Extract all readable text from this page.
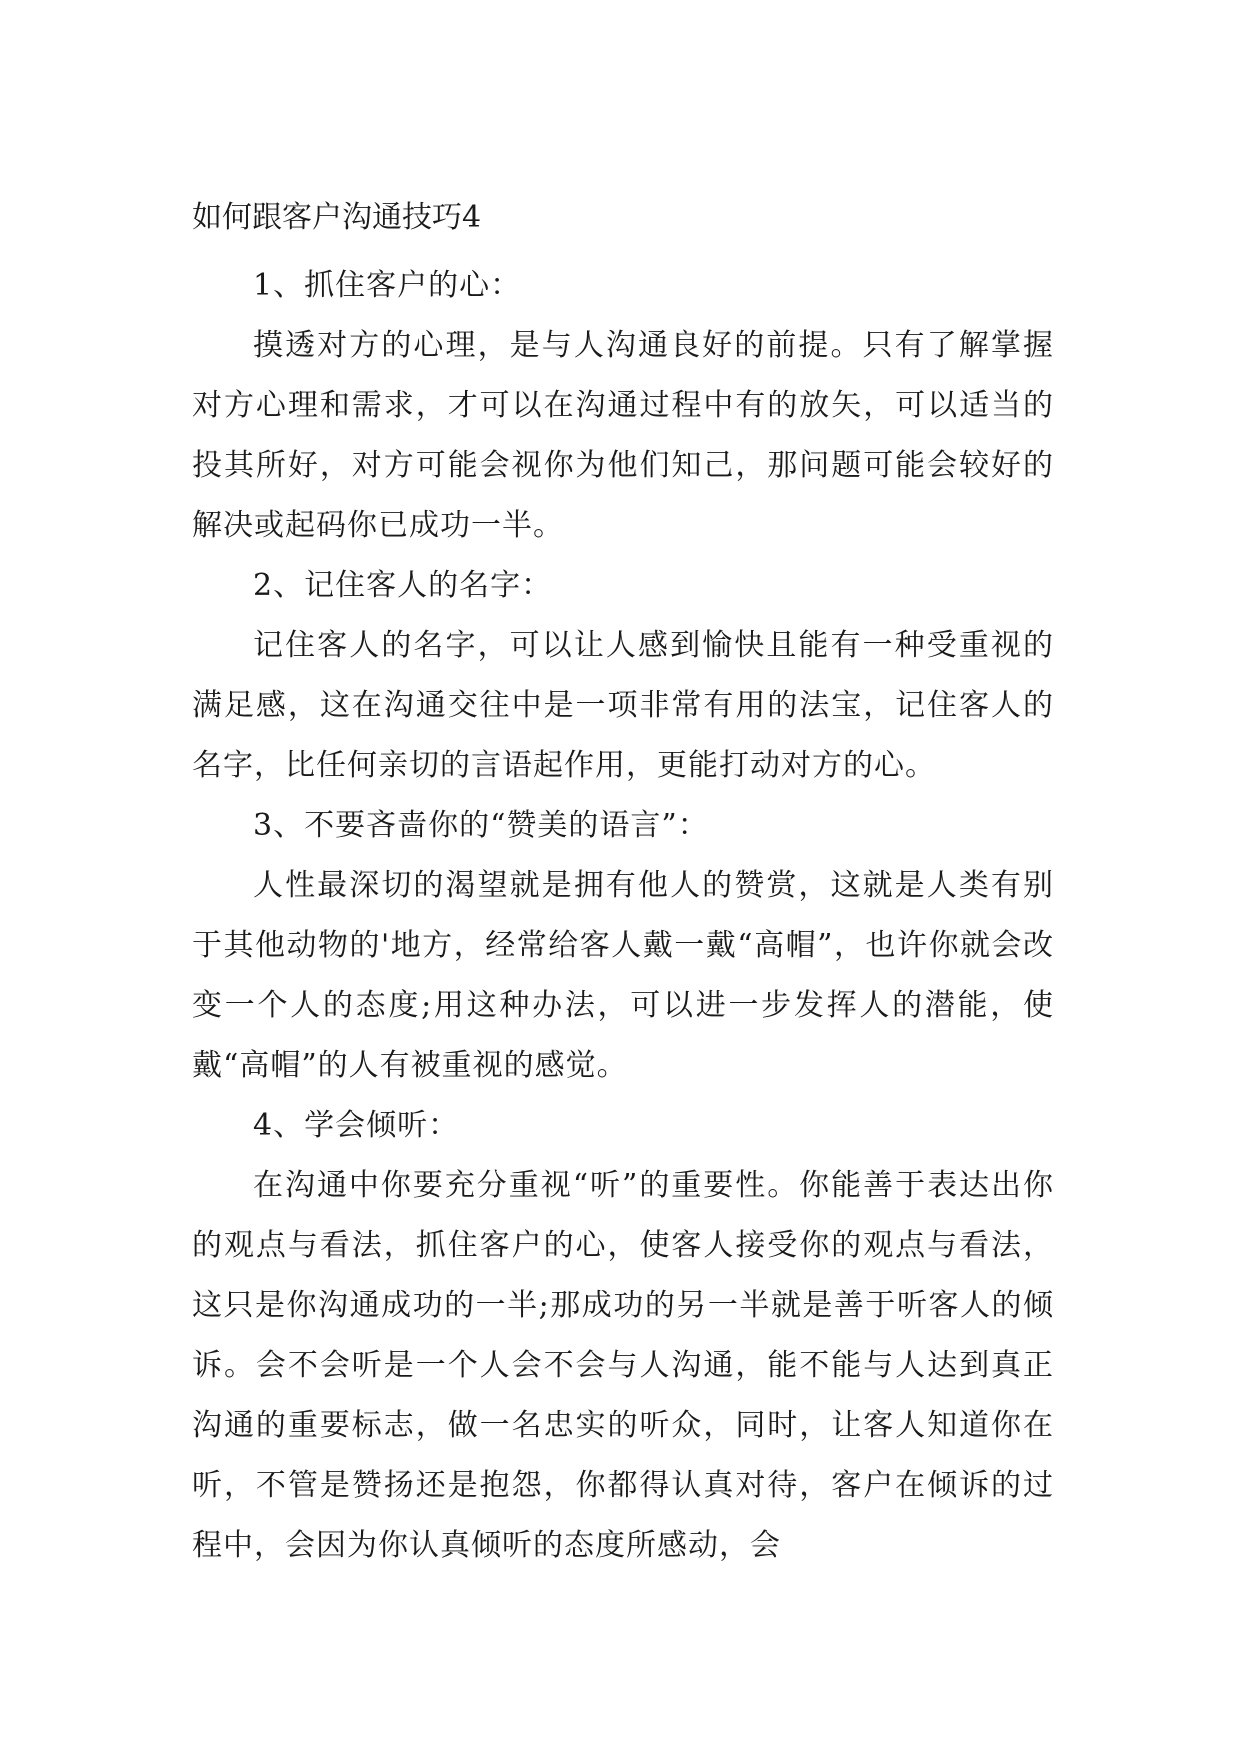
如何跟客户沟通技巧4

1、抓住客户的心：

摸透对方的心理，是与人沟通良好的前提。只有了解掌握对方心理和需求，才可以在沟通过程中有的放矢，可以适当的投其所好，对方可能会视你为他们知己，那问题可能会较好的解决或起码你已成功一半。

2、记住客人的名字：

记住客人的名字，可以让人感到愉快且能有一种受重视的满足感，这在沟通交往中是一项非常有用的法宝，记住客人的名字，比任何亲切的言语起作用，更能打动对方的心。

3、不要吝啬你的“赞美的语言”：

人性最深切的渴望就是拥有他人的赞赏，这就是人类有别于其他动物的'地方，经常给客人戴一戴“高帽”，也许你就会改变一个人的态度;用这种办法，可以进一步发挥人的潜能，使戴“高帽”的人有被重视的感觉。

4、学会倾听：

在沟通中你要充分重视“听”的重要性。你能善于表达出你的观点与看法，抓住客户的心，使客人接受你的观点与看法，这只是你沟通成功的一半;那成功的另一半就是善于听客人的倾诉。会不会听是一个人会不会与人沟通，能不能与人达到真正沟通的重要标志，做一名忠实的听众，同时，让客人知道你在听，不管是赞扬还是抱怨，你都得认真对待，客户在倾诉的过程中，会因为你认真倾听的态度所感动，会
